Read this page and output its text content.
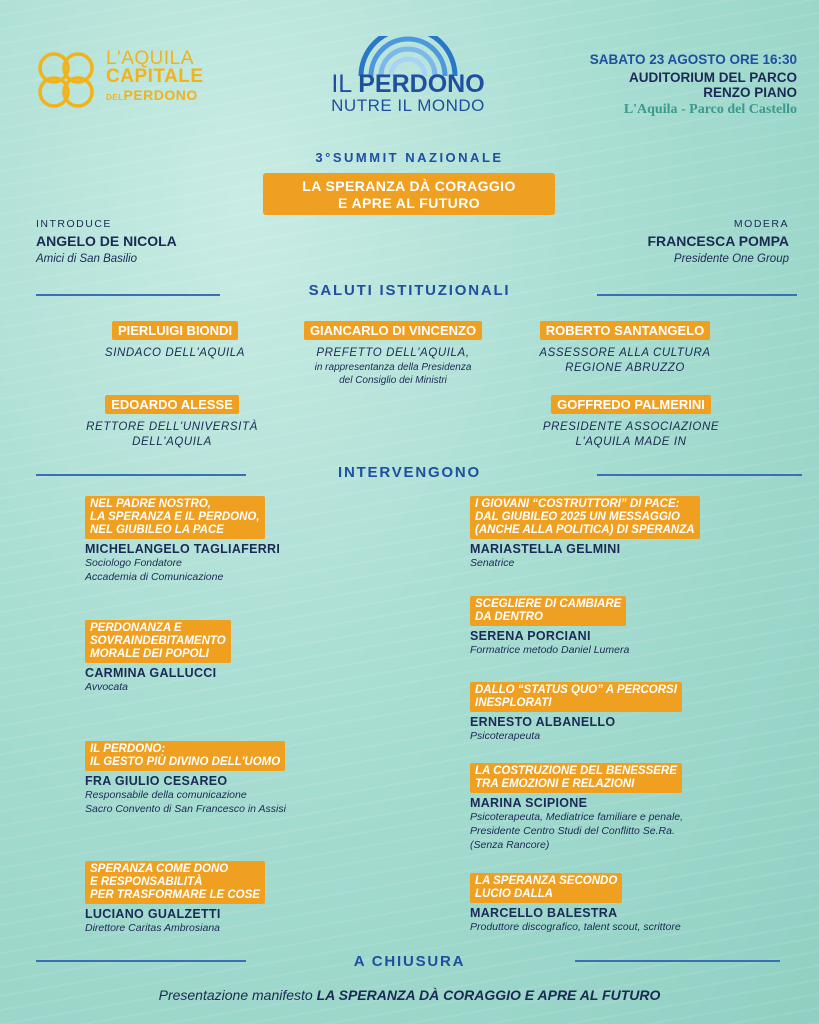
L'AQUILA
CAPITALE
DELPERDONO	IL PERDONO
NUTRE IL MONDO
SABATO 23 AGOSTO ORE 16:30
AUDITORIUM DEL PARCO
RENZO PIANO
L'Aquila - Parco del Castello
3°SUMMIT NAZIONALE
LA SPERANZA DÀ CORAGGIO
E APRE AL FUTURO
INTRODUCE
ANGELO DE NICOLA
Amici di San Basilio
MODERA
FRANCESCA POMPA
Presidente One Group
SALUTI ISTITUZIONALI
PIERLUIGI BIONDI
SINDACO DELL'AQUILA
GIANCARLO DI VINCENZO
PREFETTO DELL'AQUILA,
in rappresentanza della Presidenza
del Consiglio dei Ministri
ROBERTO SANTANGELO
ASSESSORE ALLA CULTURA
REGIONE ABRUZZO
EDOARDO ALESSE
RETTORE DELL'UNIVERSITÀ
DELL'AQUILA
GOFFREDO PALMERINI
PRESIDENTE ASSOCIAZIONE
L'AQUILA MADE IN
INTERVENGONO
NEL PADRE NOSTRO,
LA SPERANZA E IL PERDONO,
NEL GIUBILEO LA PACE
MICHELANGELO TAGLIAFERRI
Sociologo Fondatore
Accademia di Comunicazione
PERDONANZA E
SOVRAINDEBITAMENTO
MORALE DEI POPOLI
CARMINA GALLUCCI
Avvocata
IL PERDONO:
IL GESTO PIÙ DIVINO DELL'UOMO
FRA GIULIO CESAREO
Responsabile della comunicazione
Sacro Convento di San Francesco in Assisi
SPERANZA COME DONO
E RESPONSABILITÀ
PER TRASFORMARE LE COSE
LUCIANO GUALZETTI
Direttore Caritas Ambrosiana
I GIOVANI “COSTRUTTORI” DI PACE:
DAL GIUBILEO 2025 UN MESSAGGIO
(ANCHE ALLA POLITICA) DI SPERANZA
MARIASTELLA GELMINI
Senatrice
SCEGLIERE DI CAMBIARE
DA DENTRO
SERENA PORCIANI
Formatrice metodo Daniel Lumera
DALLO “STATUS QUO” A PERCORSI
INESPLORATI
ERNESTO ALBANELLO
Psicoterapeuta
LA COSTRUZIONE DEL BENESSERE
TRA EMOZIONI E RELAZIONI
MARINA SCIPIONE
Psicoterapeuta, Mediatrice familiare e penale,
Presidente Centro Studi del Conflitto Se.Ra.
(Senza Rancore)
LA SPERANZA SECONDO
LUCIO DALLA
MARCELLO BALESTRA
Produttore discografico, talent scout, scrittore
A CHIUSURA
Presentazione manifesto LA SPERANZA DÀ CORAGGIO E APRE AL FUTURO
